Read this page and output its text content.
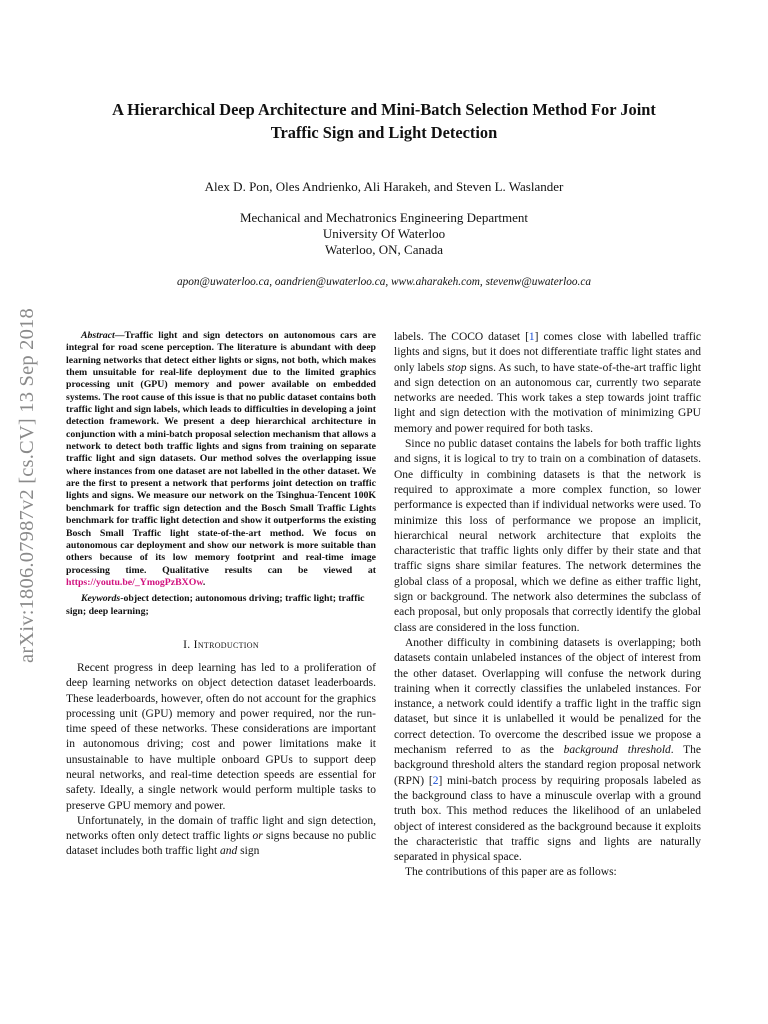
arXiv:1806.07987v2 [cs.CV] 13 Sep 2018
A Hierarchical Deep Architecture and Mini-Batch Selection Method For Joint
Traffic Sign and Light Detection
Alex D. Pon, Oles Andrienko, Ali Harakeh, and Steven L. Waslander
Mechanical and Mechatronics Engineering Department
University Of Waterloo
Waterloo, ON, Canada
apon@uwaterloo.ca, oandrien@uwaterloo.ca, www.aharakeh.com, stevenw@uwaterloo.ca

Abstract—Traffic light and sign detectors on autonomous cars are integral for road scene perception. The literature is abundant with deep learning networks that detect either lights or signs, not both, which makes them unsuitable for real-life deployment due to the limited graphics processing unit (GPU) memory and power available on embedded systems. The root cause of this issue is that no public dataset contains both traffic light and sign labels, which leads to difficulties in developing a joint detection framework. We present a deep hierarchical architecture in conjunction with a mini-batch proposal selection mechanism that allows a network to detect both traffic lights and signs from training on separate traffic light and sign datasets. Our method solves the overlapping issue where instances from one dataset are not labelled in the other dataset. We are the first to present a network that performs joint detection on traffic lights and signs. We measure our network on the Tsinghua-Tencent 100K benchmark for traffic sign detection and the Bosch Small Traffic Lights benchmark for traffic light detection and show it outperforms the existing Bosch Small Traffic light state-of-the-art method. We focus on autonomous car deployment and show our network is more suitable than others because of its low memory footprint and real-time image processing time. Qualitative results can be viewed at https://youtu.be/_YmogPzBXOw.

Keywords-object detection; autonomous driving; traffic light; traffic sign; deep learning;

I. Introduction

Recent progress in deep learning has led to a proliferation of deep learning networks on object detection dataset leaderboards. These leaderboards, however, often do not account for the graphics processing unit (GPU) memory and power required, nor the run-time speed of these networks. These considerations are important in autonomous driving; cost and power limitations make it unsustainable to have multiple onboard GPUs to support deep neural networks, and real-time detection speeds are essential for safety. Ideally, a single network would perform multiple tasks to preserve GPU memory and power.

Unfortunately, in the domain of traffic light and sign detection, networks often only detect traffic lights or signs because no public dataset includes both traffic light and sign

labels. The COCO dataset [1] comes close with labelled traffic lights and signs, but it does not differentiate traffic light states and only labels stop signs. As such, to have state-of-the-art traffic light and sign detection on an autonomous car, currently two separate networks are needed. This work takes a step towards joint traffic light and sign detection with the motivation of minimizing GPU memory and power required for both tasks.

Since no public dataset contains the labels for both traffic lights and signs, it is logical to try to train on a combination of datasets. One difficulty in combining datasets is that the network is required to approximate a more complex function, so lower performance is expected than if individual networks were used. To minimize this loss of performance we propose an implicit, hierarchical neural network architecture that exploits the characteristic that traffic lights only differ by their state and that traffic signs share similar features. The network determines the global class of a proposal, which we define as either traffic light, sign or background. The network also determines the subclass of each proposal, but only proposals that correctly identify the global class are considered in the loss function.

Another difficulty in combining datasets is overlapping; both datasets contain unlabeled instances of the object of interest from the other dataset. Overlapping will confuse the network during training when it correctly classifies the unlabeled instances. For instance, a network could identify a traffic light in the traffic sign dataset, but since it is unlabelled it would be penalized for the correct detection. To overcome the described issue we propose a mechanism referred to as the background threshold. The background threshold alters the standard region proposal network (RPN) [2] mini-batch process by requiring proposals labeled as the background class to have a minuscule overlap with a ground truth box. This method reduces the likelihood of an unlabeled object of interest considered as the background because it exploits the characteristic that traffic signs and lights are naturally separated in physical space.

The contributions of this paper are as follows:
